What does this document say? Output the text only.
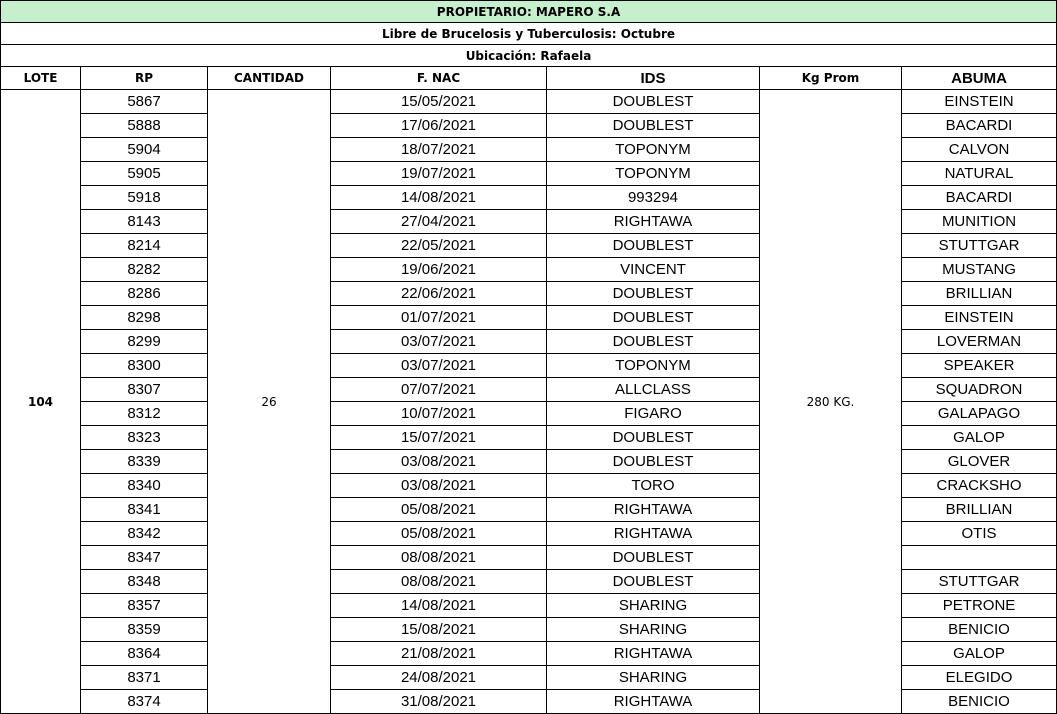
PROPIETARIO: MAPERO S.A						
Libre de Brucelosis y Tuberculosis: Octubre						
Ubicación: Rafaela						
LOTE	RP	CANTIDAD	F. NAC	IDS	Kg Prom	ABUMA
104	5867	26	15/05/2021	DOUBLEST	280 KG.	EINSTEIN
	5888		17/06/2021	DOUBLEST		BACARDI
	5904		18/07/2021	TOPONYM		CALVON
	5905		19/07/2021	TOPONYM		NATURAL
	5918		14/08/2021	993294		BACARDI
	8143		27/04/2021	RIGHTAWA		MUNITION
	8214		22/05/2021	DOUBLEST		STUTTGAR
	8282		19/06/2021	VINCENT		MUSTANG
	8286		22/06/2021	DOUBLEST		BRILLIAN
	8298		01/07/2021	DOUBLEST		EINSTEIN
	8299		03/07/2021	DOUBLEST		LOVERMAN
	8300		03/07/2021	TOPONYM		SPEAKER
	8307		07/07/2021	ALLCLASS		SQUADRON
	8312		10/07/2021	FIGARO		GALAPAGO
	8323		15/07/2021	DOUBLEST		GALOP
	8339		03/08/2021	DOUBLEST		GLOVER
	8340		03/08/2021	TORO		CRACKSHO
	8341		05/08/2021	RIGHTAWA		BRILLIAN
	8342		05/08/2021	RIGHTAWA		OTIS
	8347		08/08/2021	DOUBLEST		
	8348		08/08/2021	DOUBLEST		STUTTGAR
	8357		14/08/2021	SHARING		PETRONE
	8359		15/08/2021	SHARING		BENICIO
	8364		21/08/2021	RIGHTAWA		GALOP
	8371		24/08/2021	SHARING		ELEGIDO
	8374		31/08/2021	RIGHTAWA		BENICIO
